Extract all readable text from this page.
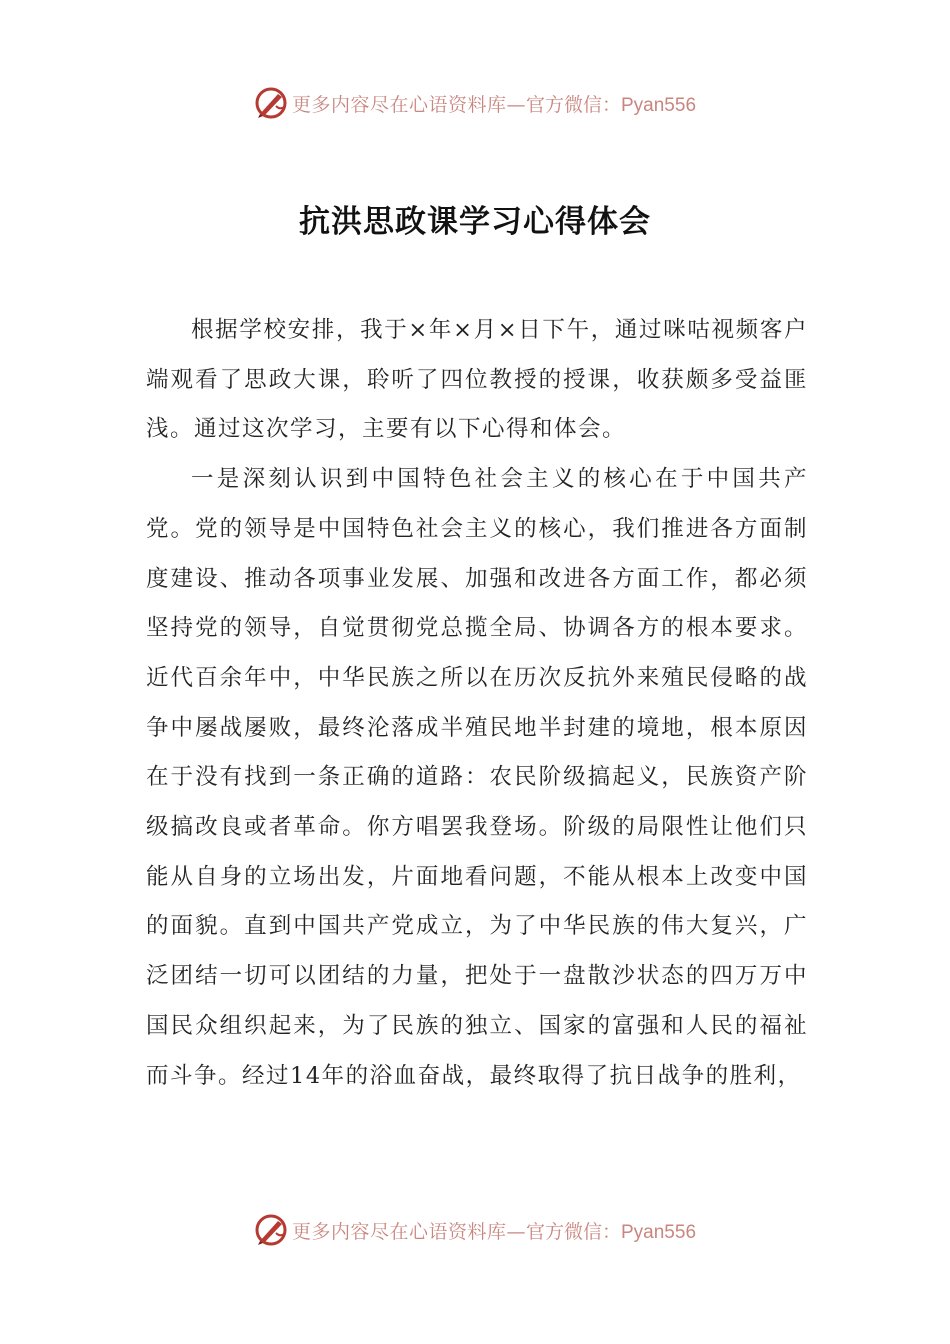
更多内容尽在心语资料库— 官方微信：Pyan556
抗洪思政课学习心得体会

根据学校安排，我于×年×月×日下午，通过咪咕视频客户端观看了思政大课，聆听了四位教授的授课，收获颇多受益匪浅。通过这次学习，主要有以下心得和体会。

一是深刻认识到中国特色社会主义的核心在于中国共产党。党的领导是中国特色社会主义的核心，我们推进各方面制度建设、推动各项事业发展、加强和改进各方面工作，都必须坚持党的领导，自觉贯彻党总揽全局、协调各方的根本要求。近代百余年中，中华民族之所以在历次反抗外来殖民侵略的战争中屡战屡败，最终沦落成半殖民地半封建的境地，根本原因在于没有找到一条正确的道路：农民阶级搞起义，民族资产阶级搞改良或者革命。你方唱罢我登场。阶级的局限性让他们只能从自身的立场出发，片面地看问题，不能从根本上改变中国的面貌。直到中国共产党成立，为了中华民族的伟大复兴，广泛团结一切可以团结的力量，把处于一盘散沙状态的四万万中国民众组织起来，为了民族的独立、国家的富强和人民的福祉而斗争。经过14年的浴血奋战，最终取得了抗日战争的胜利，

更多内容尽在心语资料库— 官方微信：Pyan556
